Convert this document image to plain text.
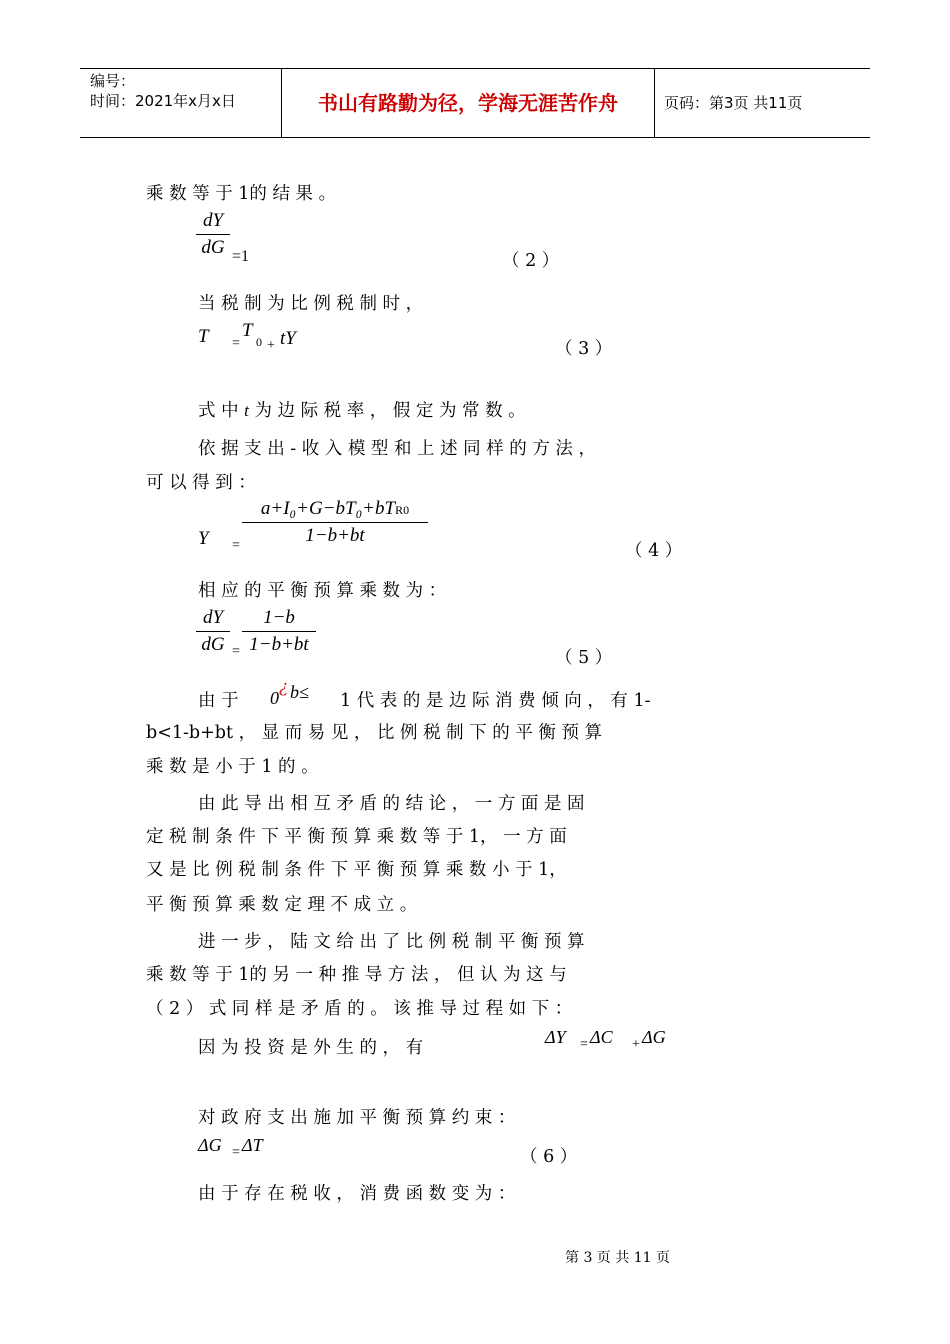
编号：
时间：2021年x月x日	书山有路勤为径，学海无涯苦作舟	页码：第3页 共11页
乘 数 等 于 1的 结 果 。
dY
dG =1	（ 2 ）
当 税 制 为 比 例 税 制 时 ，
T =
T
0 + tY	（ 3 ）
式 中 t 为 边 际 税 率 ， 假 定 为 常 数 。
依 据 支 出 - 收 入 模 型 和 上 述 同 样 的 方 法 ，
可 以 得 到 ：
Y =
a+I₀+G−bT₀+bTR0
1−b+bt
（ 4 ）
相 应 的 平 衡 预 算 乘 数 为 ：
dY
dG =
1−b
1−b+bt
（ 5 ）
由 于 0
¿ b≤ 1 代 表 的 是 边 际 消 费 倾 向 ， 有 1-
b<1-b+bt ， 显 而 易 见 ， 比 例 税 制 下 的 平 衡 预 算
乘 数 是 小 于 1 的 。
由 此 导 出 相 互 矛 盾 的 结 论 ， 一 方 面 是 固
定 税 制 条 件 下 平 衡 预 算 乘 数 等 于 1， 一 方 面
又 是 比 例 税 制 条 件 下 平 衡 预 算 乘 数 小 于 1，
平 衡 预 算 乘 数 定 理 不 成 立 。
进 一 步 ， 陆 文 给 出 了 比 例 税 制 平 衡 预 算
乘 数 等 于 1的 另 一 种 推 导 方 法 ， 但 认 为 这 与
（ 2 ） 式 同 样 是 矛 盾 的 。 该 推 导 过 程 如 下 ：
因 为 投 资 是 外 生 的 ， 有
ΔY = ΔC + ΔG
对 政 府 支 出 施 加 平 衡 预 算 约 束 ：
ΔG = ΔT
（ 6 ）
由 于 存 在 税 收 ， 消 费 函 数 变 为 ：
第 3 页 共 11 页
